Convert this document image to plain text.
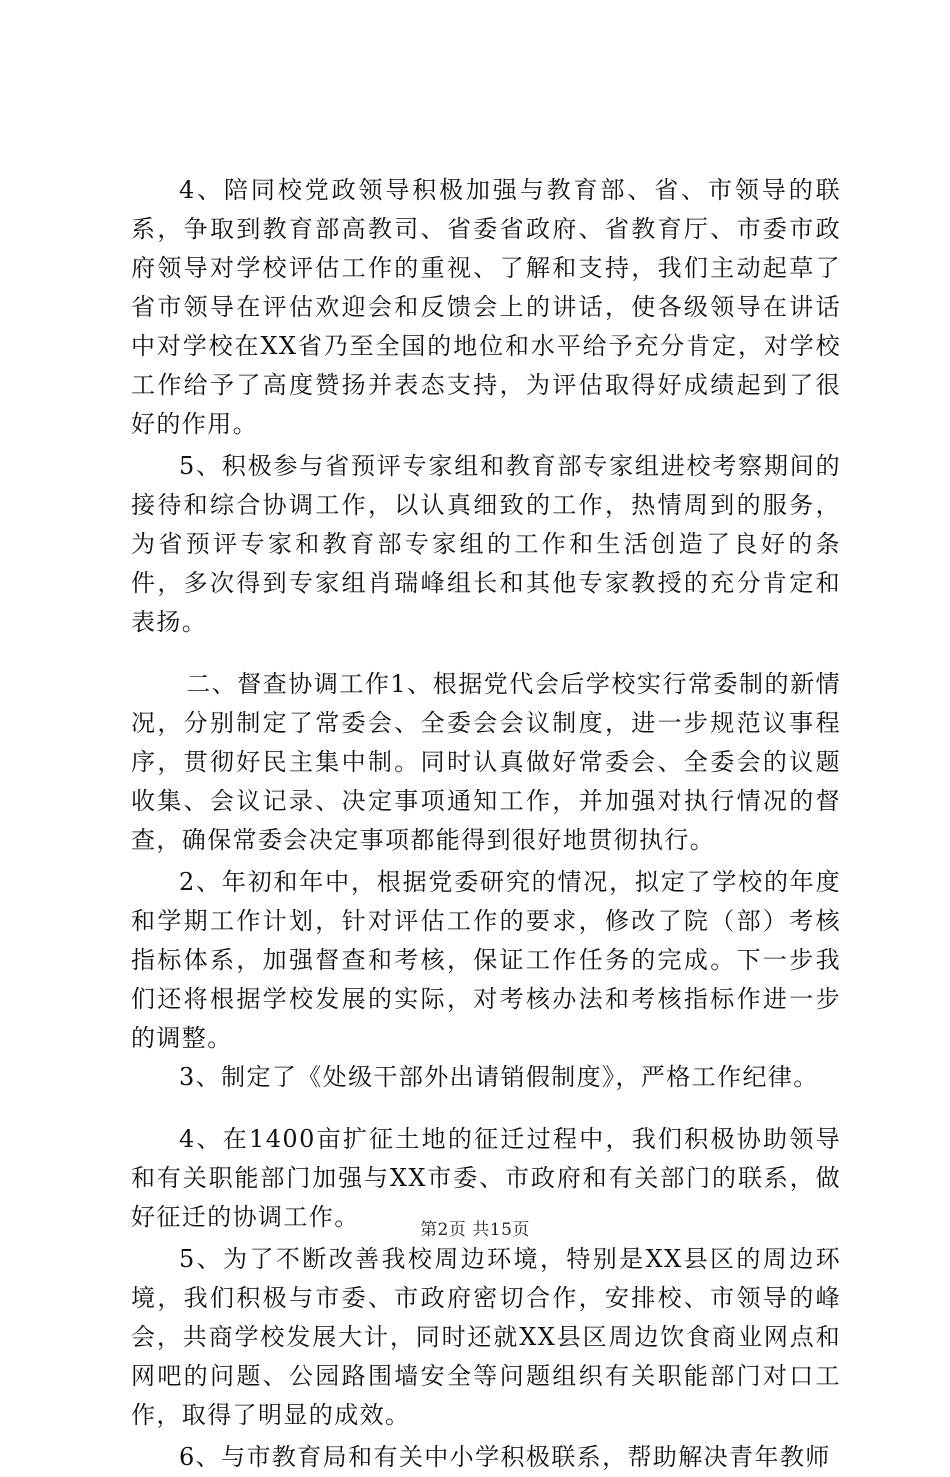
4、陪同校党政领导积极加强与教育部、省、市领导的联系，争取到教育部高教司、省委省政府、省教育厅、市委市政府领导对学校评估工作的重视、了解和支持，我们主动起草了省市领导在评估欢迎会和反馈会上的讲话，使各级领导在讲话中对学校在XX省乃至全国的地位和水平给予充分肯定，对学校工作给予了高度赞扬并表态支持，为评估取得好成绩起到了很好的作用。

5、积极参与省预评专家组和教育部专家组进校考察期间的接待和综合协调工作，以认真细致的工作，热情周到的服务，为省预评专家和教育部专家组的工作和生活创造了良好的条件，多次得到专家组肖瑞峰组长和其他专家教授的充分肯定和表扬。

二、督查协调工作1、根据党代会后学校实行常委制的新情况，分别制定了常委会、全委会会议制度，进一步规范议事程序，贯彻好民主集中制。同时认真做好常委会、全委会的议题收集、会议记录、决定事项通知工作，并加强对执行情况的督查，确保常委会决定事项都能得到很好地贯彻执行。

2、年初和年中，根据党委研究的情况，拟定了学校的年度和学期工作计划，针对评估工作的要求，修改了院（部）考核指标体系，加强督查和考核，保证工作任务的完成。下一步我们还将根据学校发展的实际，对考核办法和考核指标作进一步的调整。

3、制定了《处级干部外出请销假制度》，严格工作纪律。

4、在1400亩扩征土地的征迁过程中，我们积极协助领导和有关职能部门加强与XX市委、市政府和有关部门的联系，做好征迁的协调工作。

5、为了不断改善我校周边环境，特别是XX县区的周边环境，我们积极与市委、市政府密切合作，安排校、市领导的峰会，共商学校发展大计，同时还就XX县区周边饮食商业网点和网吧的问题、公园路围墙安全等问题组织有关职能部门对口工作，取得了明显的成效。

6、与市教育局和有关中小学积极联系，帮助解决青年教师

第2页 共15页
